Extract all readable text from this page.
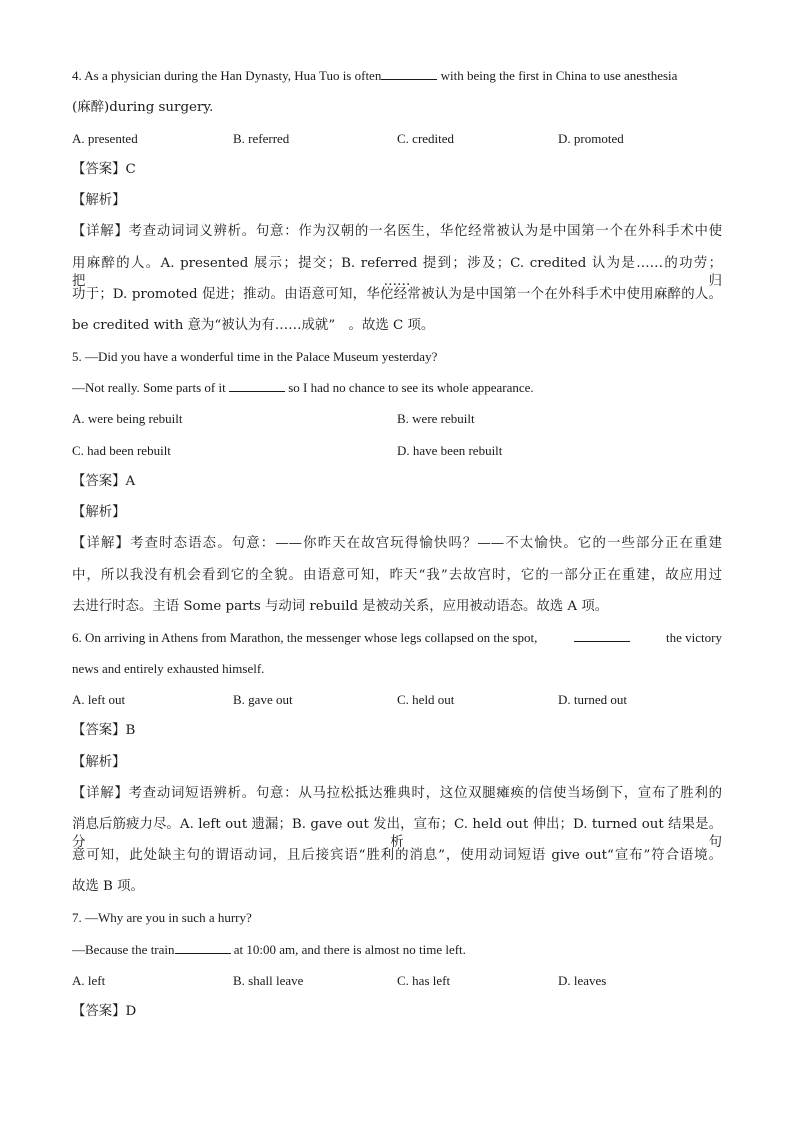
4. As a physician during the Han Dynasty, Hua Tuo is often	with being the first in China to use anesthesia
(麻醉)during surgery.
A. presented	B. referred	C. credited	D. promoted
【答案】C
【解析】
【详解】考查动词词义辨析。句意：作为汉朝的一名医生，华佗经常被认为是中国第一个在外科手术中使
用麻醉的人。A. presented 展示；提交；B. referred 提到；涉及；C. credited 认为是……的功劳；把……归
功于；D. promoted 促进；推动。由语意可知，华佗经常被认为是中国第一个在外科手术中使用麻醉的人。
be credited with 意为“被认为有……成就”　。故选 C 项。
5. —Did you have a wonderful time in the Palace Museum yesterday?
—Not really. Some parts of it	so I had no chance to see its whole appearance.
A. were being rebuilt	B. were rebuilt
C. had been rebuilt	D. have been rebuilt
【答案】A
【解析】
【详解】考查时态语态。句意：——你昨天在故宫玩得愉快吗？——不太愉快。它的一些部分正在重建
中，所以我没有机会看到它的全貌。由语意可知，昨天“我”去故宫时，它的一部分正在重建，故应用过
去进行时态。主语 Some parts 与动词 rebuild 是被动关系，应用被动语态。故选 A 项。
6. On arriving in Athens from Marathon, the messenger whose legs collapsed on the spot,	the victory
news and entirely exhausted himself.
A. left out	B. gave out	C. held out	D. turned out
【答案】B
【解析】
【详解】考查动词短语辨析。句意：从马拉松抵达雅典时，这位双腿瘫痪的信使当场倒下，宣布了胜利的
消息后筋疲力尽。A. left out 遗漏；B. gave out 发出，宣布；C. held out 伸出；D. turned out 结果是。分析句
意可知，此处缺主句的谓语动词，且后接宾语“胜利的消息”，使用动词短语 give out“宣布”符合语境。
故选 B 项。
7. —Why are you in such a hurry?
—Because the train	at 10:00 am, and there is almost no time left.
A. left	B. shall leave	C. has left	D. leaves
【答案】D
